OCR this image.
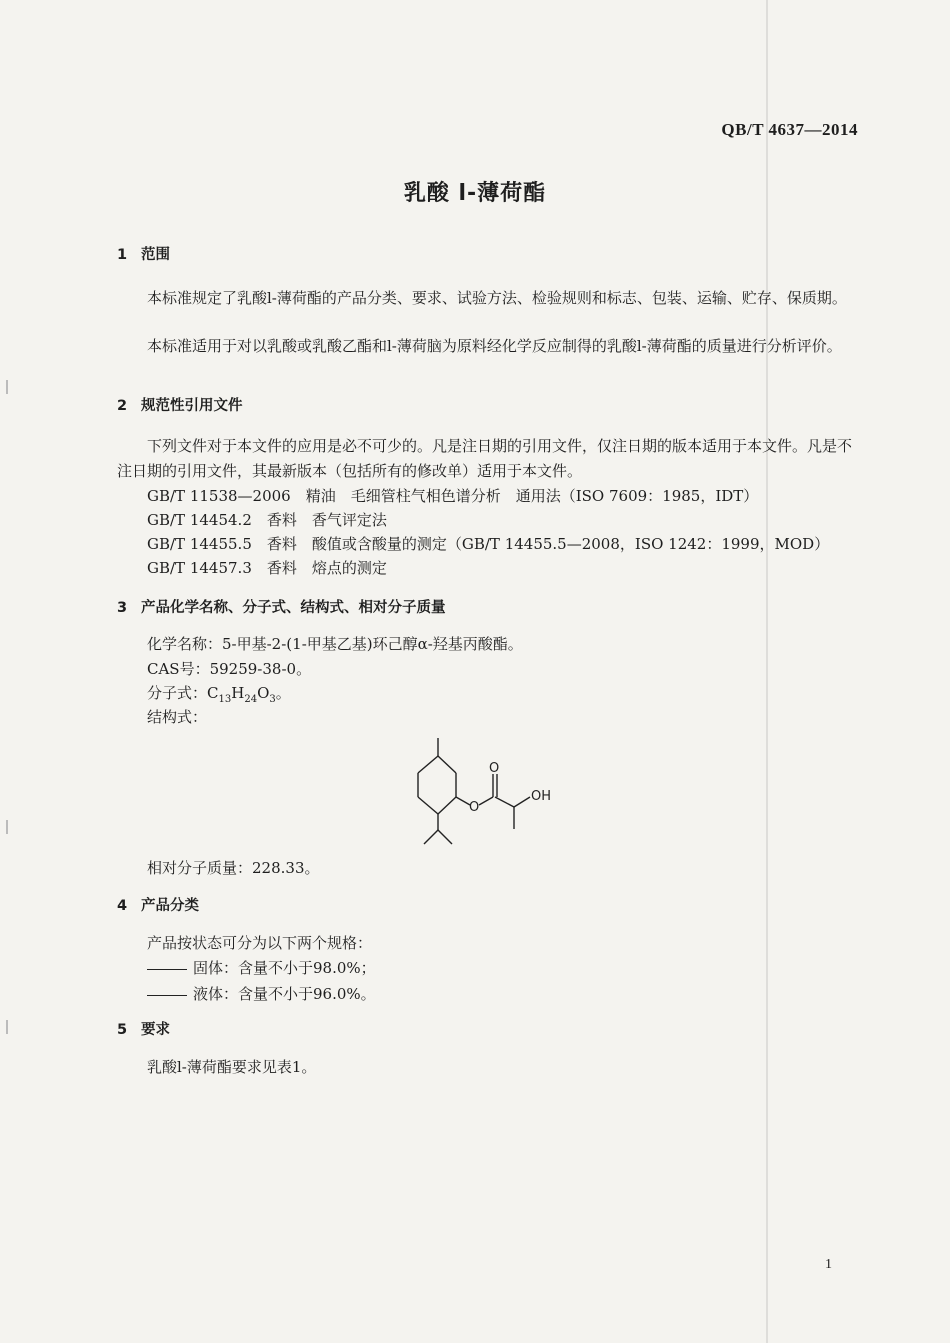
QB/T 4637—2014
乳酸 l-薄荷酯
1 范围
本标准规定了乳酸l-薄荷酯的产品分类、要求、试验方法、检验规则和标志、包装、运输、贮存、保质期。
本标准适用于对以乳酸或乳酸乙酯和l-薄荷脑为原料经化学反应制得的乳酸l-薄荷酯的质量进行分析评价。
2 规范性引用文件
下列文件对于本文件的应用是必不可少的。凡是注日期的引用文件，仅注日期的版本适用于本文件。凡是不注日期的引用文件，其最新版本（包括所有的修改单）适用于本文件。
GB/T 11538—2006　精油　毛细管柱气相色谱分析　通用法（ISO 7609：1985，IDT）
GB/T 14454.2　香料　香气评定法
GB/T 14455.5　香料　酸值或含酸量的测定（GB/T 14455.5—2008，ISO 1242：1999，MOD）
GB/T 14457.3　香料　熔点的测定
3 产品化学名称、分子式、结构式、相对分子质量
化学名称：5-甲基-2-(1-甲基乙基)环己醇α-羟基丙酸酯。
CAS号：59259-38-0。
分子式：$C_{13}H_{24}O_3$。
结构式：
O
O
OH
相对分子质量：228.33。
4 产品分类
产品按状态可分为以下两个规格：
固体：含量不小于98.0%；
液体：含量不小于96.0%。
5 要求
乳酸l-薄荷酯要求见表1。
1
